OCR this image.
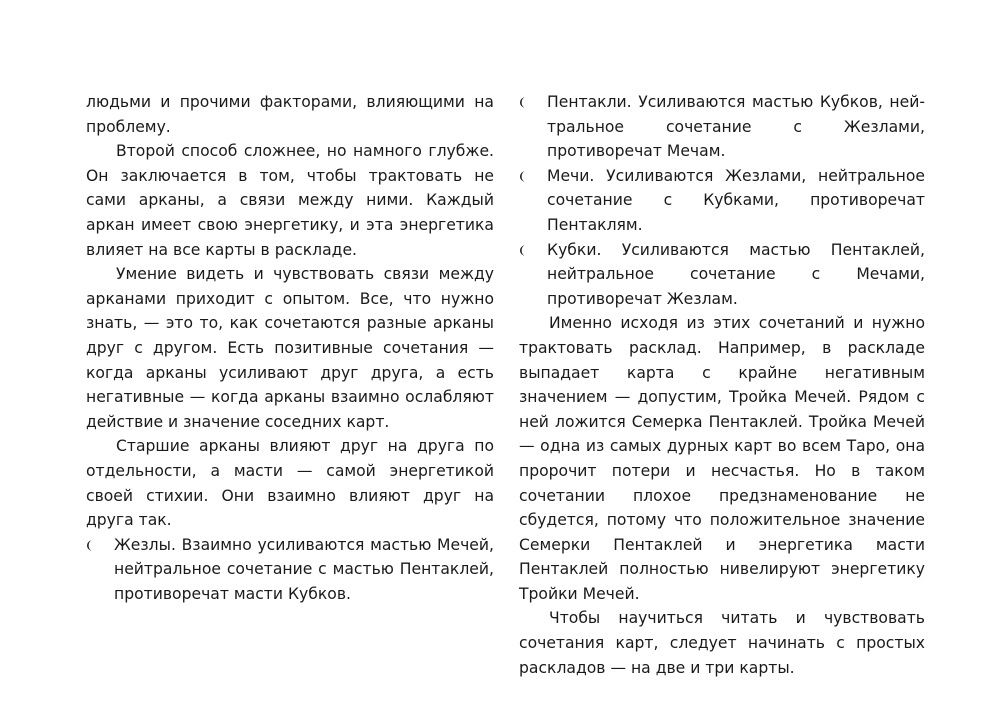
людьми и прочими факторами, влияющими на проблему.

Второй способ сложнее, но намного глубже. Он заключается в том, чтобы трактовать не сами арканы, а связи между ними. Каждый аркан имеет свою энергетику, и эта энергетика влияет на все карты в раскладе.

Умение видеть и чувствовать связи между арканами приходит с опытом. Все, что нужно знать, — это то, как сочетаются разные арканы друг с другом. Есть позитивные сочетания — когда арканы усиливают друг друга, а есть негативные — когда арканы взаимно ослабляют действие и значение соседних карт.

Старшие арканы влияют друг на друга по отдельности, а масти — самой энергетикой своей стихии. Они взаимно влияют друг на друга так.

Жезлы. Взаимно усиливаются мастью Мечей, нейтральное сочетание с мастью Пентаклей, противоречат масти Кубков.
Пентакли. Усиливаются мастью Кубков, нейтральное сочетание с Жезлами, противоречат Мечам.
Мечи. Усиливаются Жезлами, нейтральное сочетание с Кубками, противоречат Пентаклям.
Кубки. Усиливаются мастью Пентаклей, нейтральное сочетание с Мечами, противоречат Жезлам.

Именно исходя из этих сочетаний и нужно трактовать расклад. Например, в раскладе выпадает карта с крайне негативным значением — допустим, Тройка Мечей. Рядом с ней ложится Семерка Пентаклей. Тройка Мечей — одна из самых дурных карт во всем Таро, она пророчит потери и несчастья. Но в таком сочетании плохое предзнаменование не сбудется, потому что положительное значение Семерки Пентаклей и энергетика масти Пентаклей полностью нивелируют энергетику Тройки Мечей.

Чтобы научиться читать и чувствовать сочетания карт, следует начинать с простых раскладов — на две и три карты.
